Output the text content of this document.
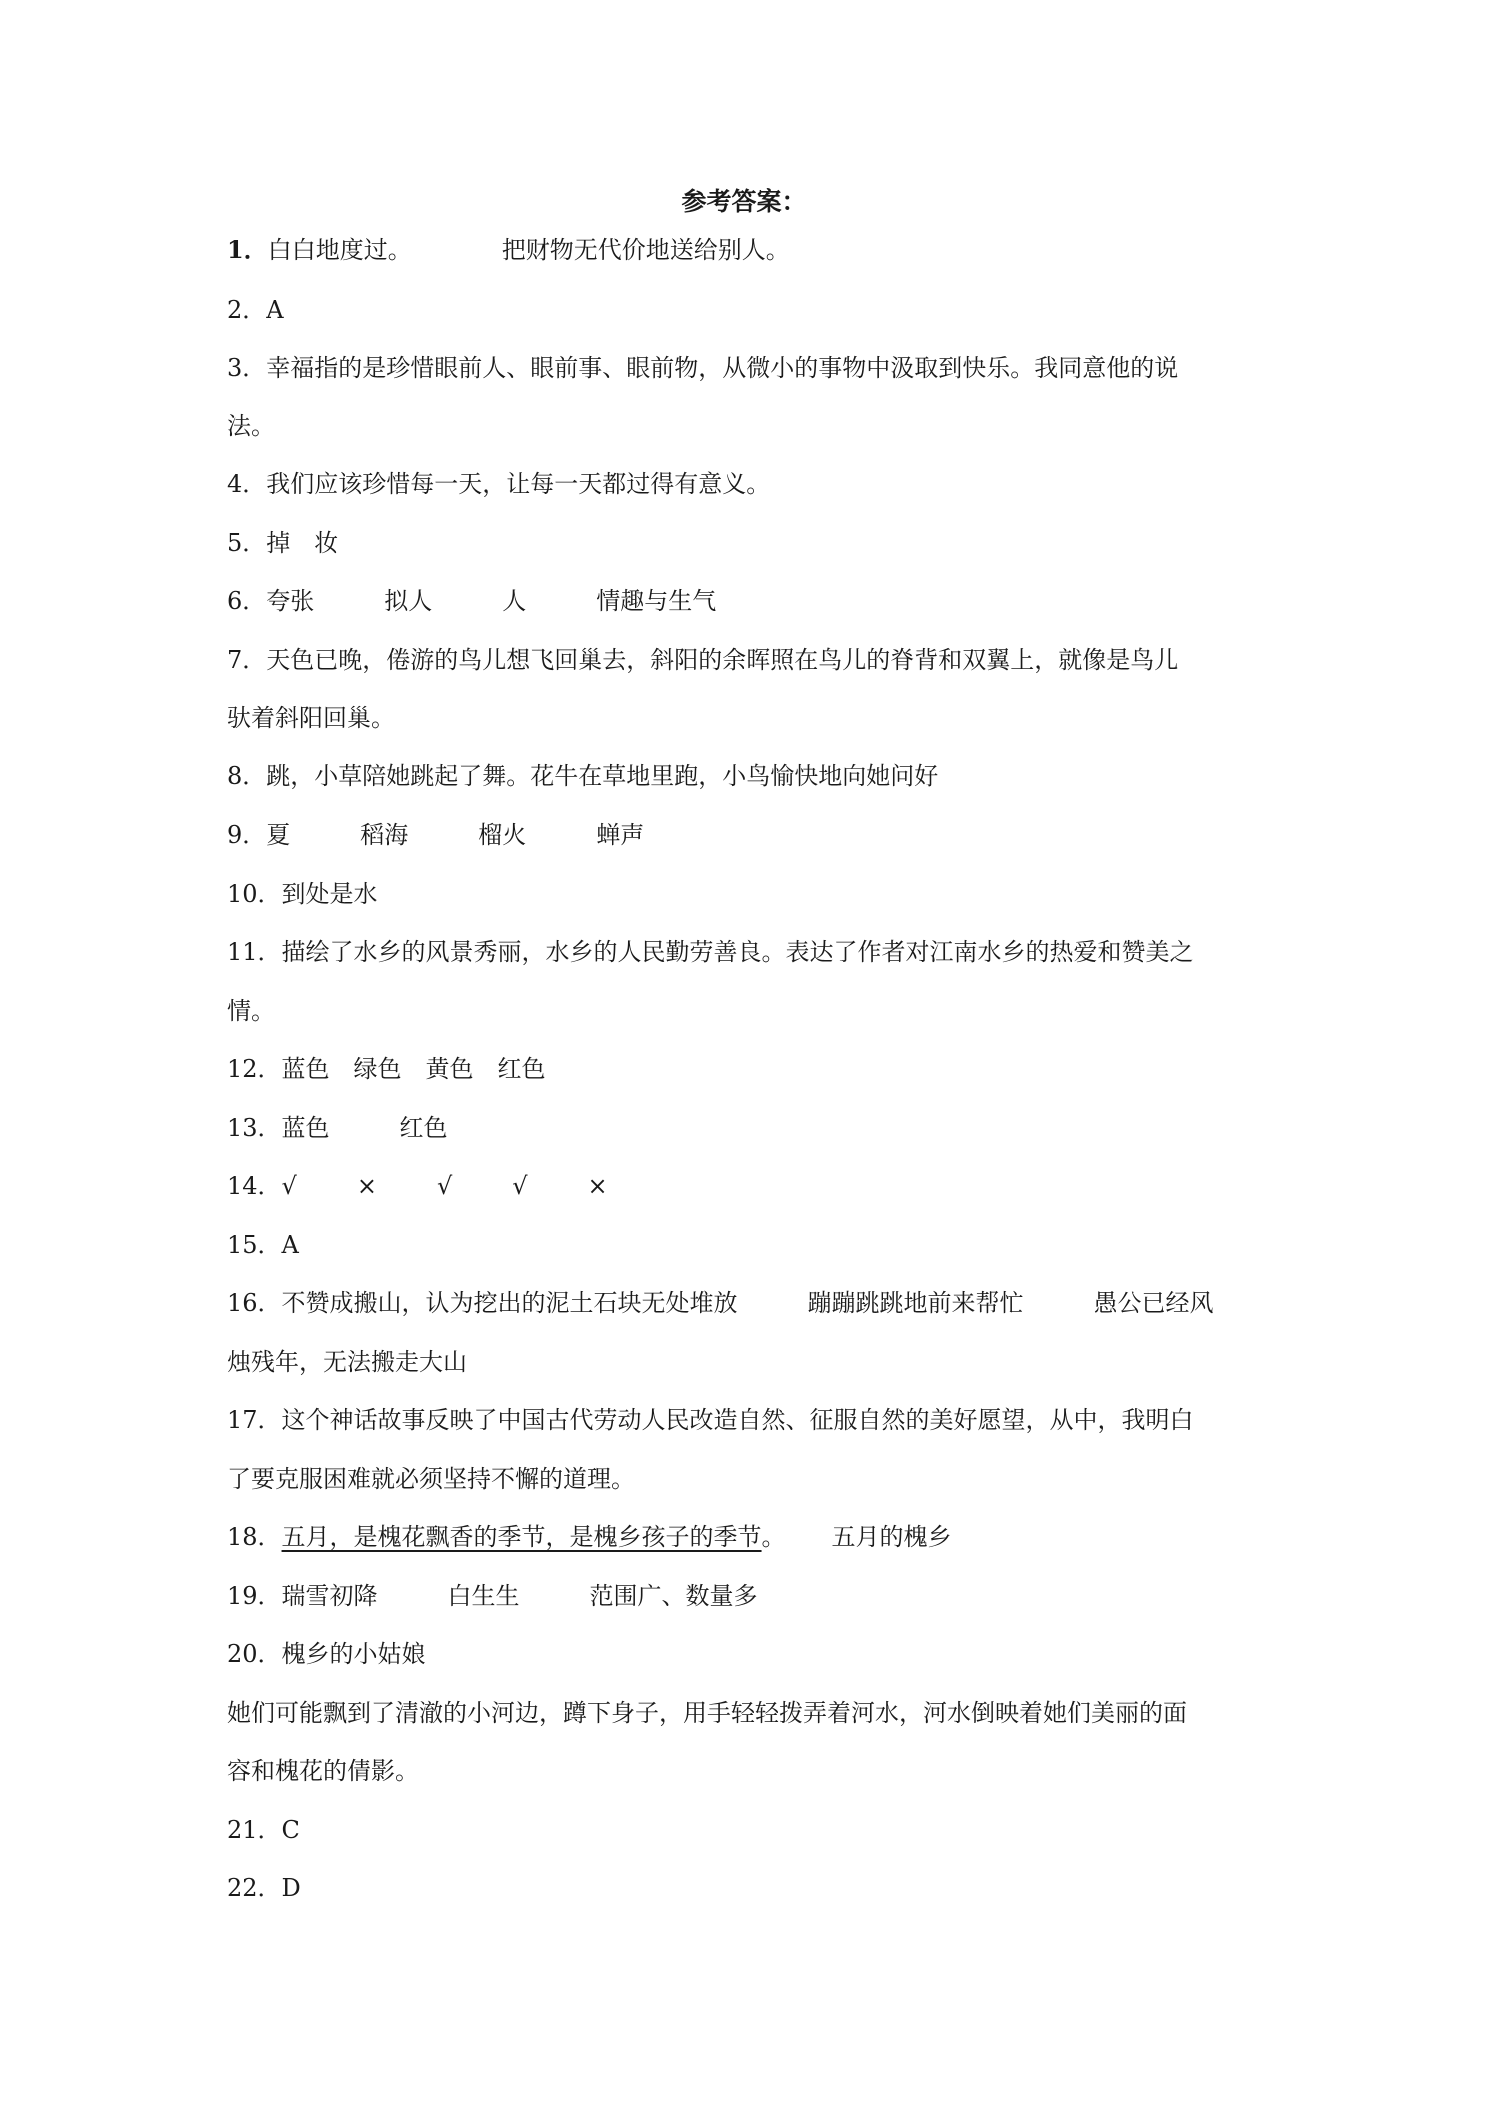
参考答案：
1．白白地度过。	把财物无代价地送给别人。
2．A
3．幸福指的是珍惜眼前人、眼前事、眼前物，从微小的事物中汲取到快乐。我同意他的说
法。
4．我们应该珍惜每一天，让每一天都过得有意义。
5．掉 妆
6．夸张	拟人	人	情趣与生气
7．天色已晚，倦游的鸟儿想飞回巢去，斜阳的余晖照在鸟儿的脊背和双翼上，就像是鸟儿
驮着斜阳回巢。
8．跳，小草陪她跳起了舞。花牛在草地里跑，小鸟愉快地向她问好
9．夏	稻海	榴火	蝉声
10．到处是水
11．描绘了水乡的风景秀丽，水乡的人民勤劳善良。表达了作者对江南水乡的热爱和赞美之
情。
12．蓝色 绿色 黄色 红色
13．蓝色	红色
14．√	×	√	√	×
15．A
16．不赞成搬山，认为挖出的泥土石块无处堆放	蹦蹦跳跳地前来帮忙	愚公已经风
烛残年，无法搬走大山
17．这个神话故事反映了中国古代劳动人民改造自然、征服自然的美好愿望，从中，我明白
了要克服困难就必须坚持不懈的道理。
18．五月，是槐花飘香的季节，是槐乡孩子的季节。 五月的槐乡
19．瑞雪初降	白生生	范围广、数量多
20．槐乡的小姑娘
她们可能飘到了清澈的小河边，蹲下身子，用手轻轻拨弄着河水，河水倒映着她们美丽的面
容和槐花的倩影。
21．C
22．D
